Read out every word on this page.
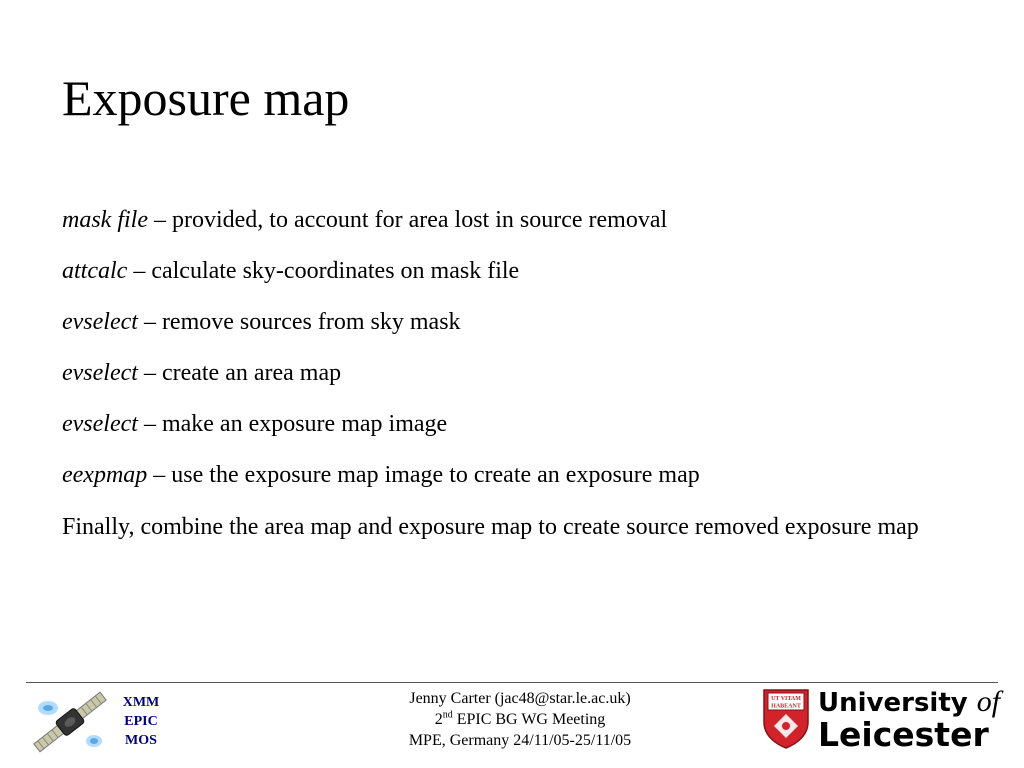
Exposure map
mask file – provided, to account for area lost in source removal
attcalc – calculate sky-coordinates on mask file
evselect – remove sources from sky mask
evselect – create an area map
evselect – make an exposure map image
eexpmap – use the exposure map image to create an exposure map

Finally, combine the area map and exposure map to create source removed exposure map

XMM
EPIC
MOS
Jenny Carter (jac48@star.le.ac.uk)
2nd EPIC BG WG Meeting
MPE, Germany 24/11/05-25/11/05
UT VITAM
HABEANT University of
Leicester
